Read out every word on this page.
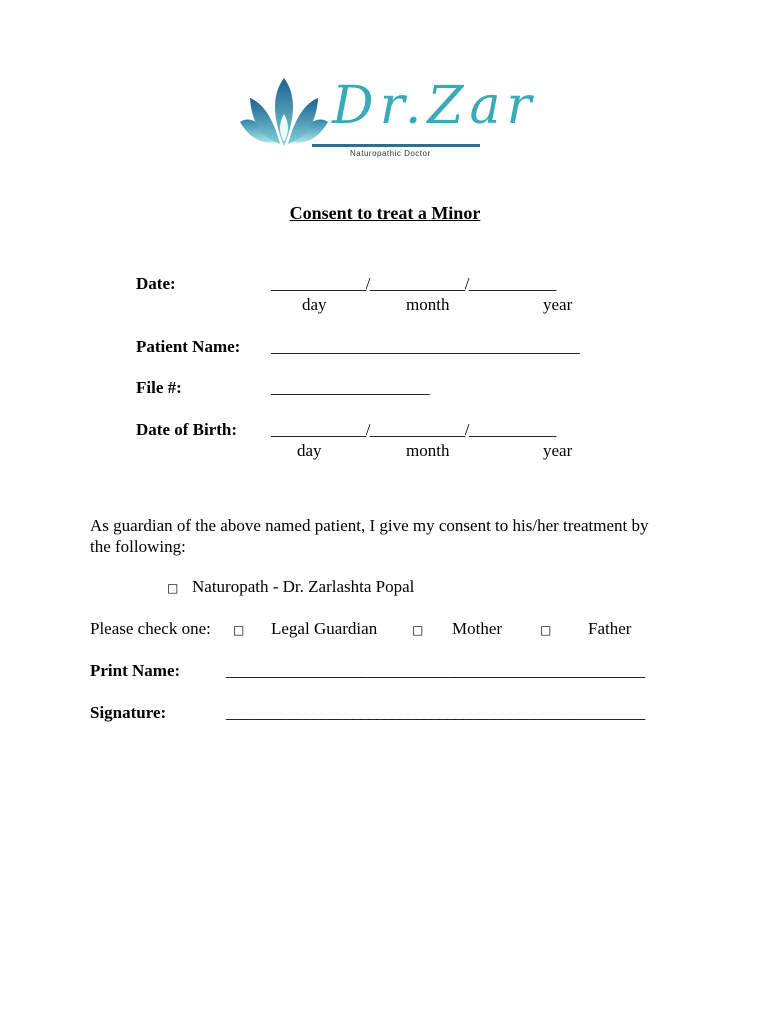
Dr.Zar
Naturopathic Doctor
Consent to treat a Minor
Date:	____________/____________/___________
day	month	year
Patient Name: _______________________________________
File #:	____________________
Date of Birth: ____________/____________/___________
day	month	year
As guardian of the above named patient, I give my consent to his/her treatment by
the following:
□ Naturopath - Dr. Zarlashta Popal
Please check one: □ Legal Guardian	□ Mother	□ Father
Print Name:	_____________________________________________________
Signature:	_____________________________________________________
